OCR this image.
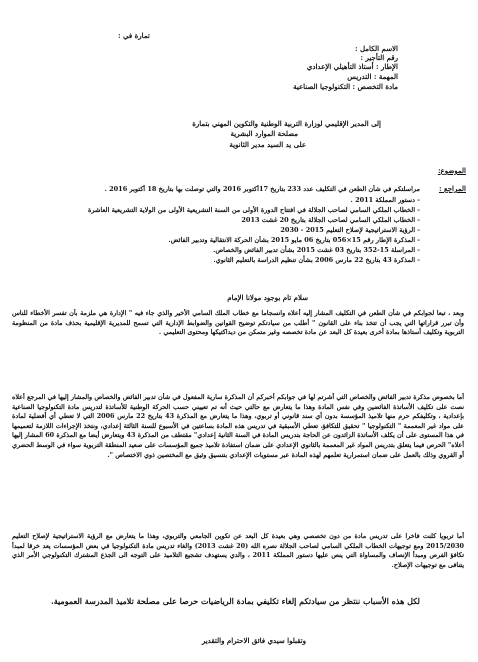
تمارة في :
الاسم الكامل :
رقم التأجير :
الإطار : أستاذ التأهيلي الإعدادي
المهمة : التدريس
مادة التخصص : التكنولوجيا الصناعية
إلى المدير الإقليمي لوزارة التربية الوطنية والتكوين المهني بتمارة
مصلحة الموارد البشرية
على يد السيد مدير الثانوية
الموضوع:
المراجع :
مراسلتكم في شأن الطعن في التكليف عدد 233 بتاريخ 17أكتوبر 2016 والتي توصلت بها بتاريخ 18 أكتوبر 2016 .
- دستور المملكة 2011 .
- الخطاب الملكي السامي لصاحب الجلالة في افتتاح الدورة الأولى من السنة التشريعية الأولى من الولاية التشريعية العاشرة
- الخطاب الملكي السامي لصاحب الجلالة بتاريخ 20 غشت 2013
- الرؤية الاستراتيجية لإصلاح التعليم 2015 - 2030
- المذكرة الإطار رقم 15×056 بتاريخ 06 مايو 2015 بشأن الحركة الانتقالية وتدبير الفائض.
- المراسلة 15-352 بتاريخ 03 غشت 2015 بشأن تدبير الفائض والخصاص.
- المذكرة 43 بتاريخ 22 مارس 2006 بشأن تنظيم الدراسة بالتعليم الثانوي.
سلام تام بوجود مولانا الإمام
وبعد ، تبعا لجوابكم في شأن الطعن في التكليف المشار إليه أعلاه وانسجاما مع خطاب الملك السامي الأخير والذي جاء فيه " الإدارة هي ملزمة بأن تفسر الأخطاء للناس وأن تبرر قراراتها التي يجب أن تتخذ بناء على القانون " أطلب من سيادتكم توضيح القوانين والضوابط الإدارية التي تسمح للمديرية الإقليمية بحذف مادة من المنظومة التربوية وتكليف أستاذها بمادة أخرى بعيدة كل البعد عن مادة تخصصه وغير متمكن من ديداكتيكها ومحتوى التعليمي .
أما بخصوص مذكرة تدبير الفائض والخصاص التي أشرتم لها في جوابكم أخبركم أن المذكرة سارية المفعول في شأن تدبير الفائض والخصاص والمشار إليها في المرجع أعلاه نصت على تكليف الأساتذة الفائضين وفي نفس المادة وهذا ما يتعارض مع حالتي حيث أنه تم تعييني حسب الحركة الوطنية للأساتذة لتدريس مادة التكنولوجيا الصناعية بإعدادية ، وتكليفكم حرم منها تلاميذ المؤسسة بدون أي سند قانوني أو تربوي، وهذا ما يتعارض مع المذكرة 43 بتاريخ 22 مارس 2006 التي لا تعطي أي أفضلية لمادة على مواد غير المعممة " التكنولوجيا " تحقيق للتكافؤ، تعطي الأسبقية في تدريس هذه المادة بساعتين في الأسبوع للسنة الثالثة إعدادي، ونتخذ الإجراءات اللازمة لتعميمها في هذا المستوى على أن يكلف الأساتذة الزائدون عن الحاجة بتدريس المادة في السنة الثانية إعدادي" مقتطف من المذكرة 43 ويتعارض أيضا مع المذكرة 60 المشار إليها أعلاه" الحرص فيما يتعلق بتدريس المواد غير المعممة بالثانوي الإعدادي على ضمان استفادة تلاميذ جميع المؤسسات على صعيد المنطقة التربوية سواء في الوسط الحضري أو القروي وذلك بالعمل على ضمان استمرارية تعلمهم لهذه المادة عبر مستويات الإعدادي بتنسيق وثيق مع المختصين ذوي الاختصاص ".
أما تربويا كلنت فاخرا على تدريس مادة من دون تخصصي وهي بعيدة كل البعد عن تكوين الجامعي والتربوي، وهذا ما يتعارض مع الرؤية الاستراتيجية لإصلاح التعليم 2015/2030 ومع توجيهات الخطاب الملكي السامي لصاحب الجلالة نصره الله (20 غشت 2013) والغاء تدريس مادة التكنولوجيا في بعض المؤسسات يعد خرقا لمبدأ تكافؤ الفرص ومبدأ الإنصاف والمساواة التي ينص عليها دستور المملكة 2011 ، والدي يستهدف تشجيع التلاميذ على التوجه الى الجذع المشترك التكنولوجي الأمر الذي يتنافى مع توجيهات الإصلاح.
لكل هذه الأسباب ننتظر من سيادتكم إلغاء تكليفي بمادة الرياضيات حرصا على مصلحة تلاميذ المدرسة العمومية.
وتقبلوا سيدي فائق الاحترام والتقدير
